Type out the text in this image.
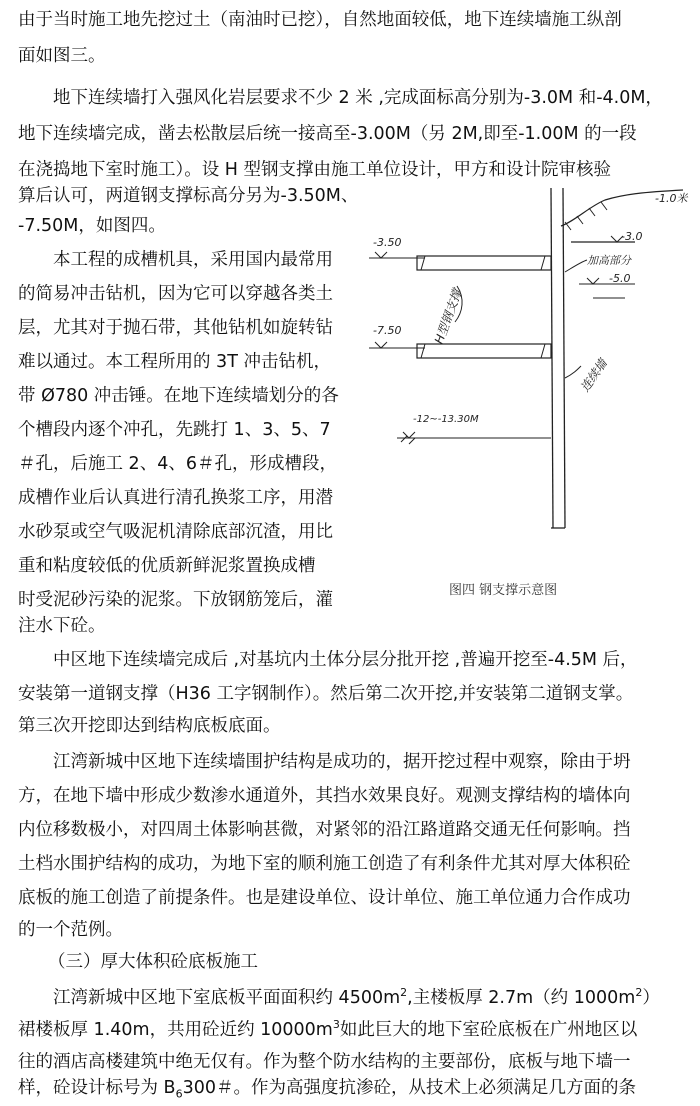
由于当时施工地先挖过土（南油时已挖），自然地面较低，地下连续墙施工纵剖
面如图三。
地下连续墙打入强风化岩层要求不少 2 米 ,完成面标高分别为-3.0M 和-4.0M，
地下连续墙完成，凿去松散层后统一接高至-3.00M（另 2M,即至-1.00M 的一段
在浇捣地下室时施工）。设 H 型钢支撑由施工单位设计，甲方和设计院审核验
算后认可，两道钢支撑标高分另为-3.50M、
-7.50M，如图四。
本工程的成槽机具，采用国内最常用
的简易冲击钻机，因为它可以穿越各类土
层，尤其对于抛石带，其他钻机如旋转钻
难以通过。本工程所用的 3T 冲击钻机，
带 Ø780 冲击锤。在地下连续墙划分的各
个槽段内逐个冲孔，先跳打 1、3、5、7
＃孔，后施工 2、4、6＃孔，形成槽段，
成槽作业后认真进行清孔换浆工序，用潜
水砂泵或空气吸泥机清除底部沉渣，用比
重和粘度较低的优质新鲜泥浆置换成槽
时受泥砂污染的泥浆。下放钢筋笼后，灌
注水下砼。
中区地下连续墙完成后 ,对基坑内土体分层分批开挖 ,普遍开挖至-4.5M 后，
安装第一道钢支撑（H36 工字钢制作）。然后第二次开挖,并安装第二道钢支掌。
第三次开挖即达到结构底板底面。
江湾新城中区地下连续墙围护结构是成功的，据开挖过程中观察，除由于坍
方，在地下墙中形成少数渗水通道外，其挡水效果良好。观测支撑结构的墙体向
内位移数极小，对四周土体影响甚微，对紧邻的沿江路道路交通无任何影响。挡
土档水围护结构的成功，为地下室的顺利施工创造了有利条件尤其对厚大体积砼
底板的施工创造了前提条件。也是建设单位、设计单位、施工单位通力合作成功
的一个范例。
（三）厚大体积砼底板施工
江湾新城中区地下室底板平面面积约 $4500m^2$,主楼板厚 2.7m（约 $1000m^2$）
裙楼板厚 1.40m，共用砼近约 $10000m^3$如此巨大的地下室砼底板在广州地区以
往的酒店高楼建筑中绝无仅有。作为整个防水结构的主要部份，底板与地下墙一
样，砼设计标号为 $B_6300$＃。作为高强度抗渗砼，从技术上必须满足几方面的条
-1.0米
-3.0
-3.50
加高部分
-5.0
H型钢支撑
-7.50
连续墙
-12~-13.30M
图四 钢支撑示意图
